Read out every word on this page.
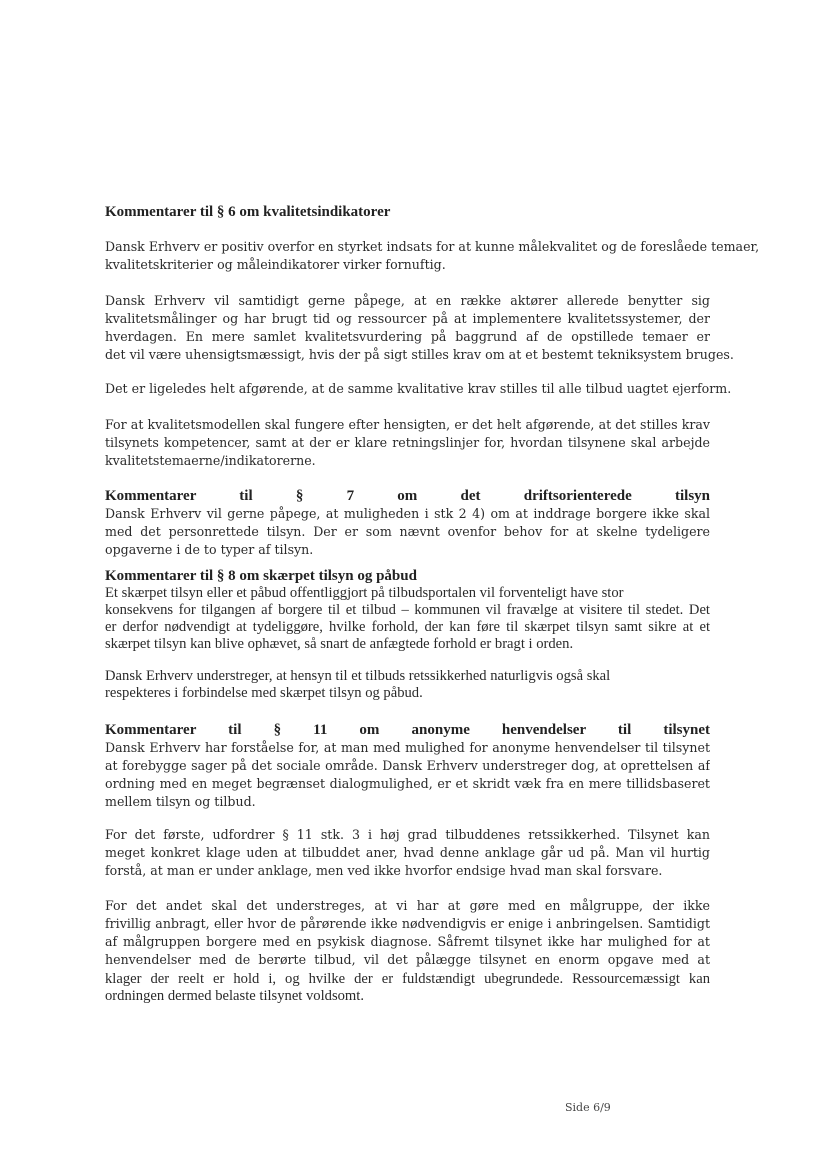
Kommentarer til § 6 om kvalitetsindikatorer
Dansk Erhverv er positiv overfor en styrket indsats for at kunne målekvalitet og de foreslåede temaer,
kvalitetskriterier og måleindikatorer virker fornuftig.
Dansk Erhverv vil samtidigt gerne påpege, at en række aktører allerede benytter sig
kvalitetsmålinger og har brugt tid og ressourcer på at implementere kvalitetssystemer, der
hverdagen. En mere samlet kvalitetsvurdering på baggrund af de opstillede temaer er
det vil være uhensigtsmæssigt, hvis der på sigt stilles krav om at et bestemt tekniksystem bruges.
Det er ligeledes helt afgørende, at de samme kvalitative krav stilles til alle tilbud uagtet ejerform.
For at kvalitetsmodellen skal fungere efter hensigten, er det helt afgørende, at det stilles krav
tilsynets kompetencer, samt at der er klare retningslinjer for, hvordan tilsynene skal arbejde
kvalitetstemaerne/indikatorerne.
Kommentarer til § 7 om det driftsorienterede tilsyn
Dansk Erhverv vil gerne påpege, at muligheden i stk 2 4) om at inddrage borgere ikke skal
med det personrettede tilsyn. Der er som nævnt ovenfor behov for at skelne tydeligere
opgaverne i de to typer af tilsyn.
Kommentarer til § 8 om skærpet tilsyn og påbud
Et skærpet tilsyn eller et påbud offentliggjort på tilbudsportalen vil forventeligt have stor
konsekvens for tilgangen af borgere til et tilbud – kommunen vil fravælge at visitere til stedet. Det
er derfor nødvendigt at tydeliggøre, hvilke forhold, der kan føre til skærpet tilsyn samt sikre at et
skærpet tilsyn kan blive ophævet, så snart de anfægtede forhold er bragt i orden.
Dansk Erhverv understreger, at hensyn til et tilbuds retssikkerhed naturligvis også skal
respekteres i forbindelse med skærpet tilsyn og påbud.
Kommentarer til § 11 om anonyme henvendelser til tilsynet
Dansk Erhverv har forståelse for, at man med mulighed for anonyme henvendelser til tilsynet
at forebygge sager på det sociale område. Dansk Erhverv understreger dog, at oprettelsen af
ordning med en meget begrænset dialogmulighed, er et skridt væk fra en mere tillidsbaseret
mellem tilsyn og tilbud.
For det første, udfordrer § 11 stk. 3 i høj grad tilbuddenes retssikkerhed. Tilsynet kan
meget konkret klage uden at tilbuddet aner, hvad denne anklage går ud på. Man vil hurtig
forstå, at man er under anklage, men ved ikke hvorfor endsige hvad man skal forsvare.
For det andet skal det understreges, at vi har at gøre med en målgruppe, der ikke
frivillig anbragt, eller hvor de pårørende ikke nødvendigvis er enige i anbringelsen. Samtidigt
af målgruppen borgere med en psykisk diagnose. Såfremt tilsynet ikke har mulighed for at
henvendelser med de berørte tilbud, vil det pålægge tilsynet en enorm opgave med at
klager der reelt er hold i, og hvilke der er fuldstændigt ubegrundede. Ressourcemæssigt kan
ordningen dermed belaste tilsynet voldsomt.
Side 6/9
